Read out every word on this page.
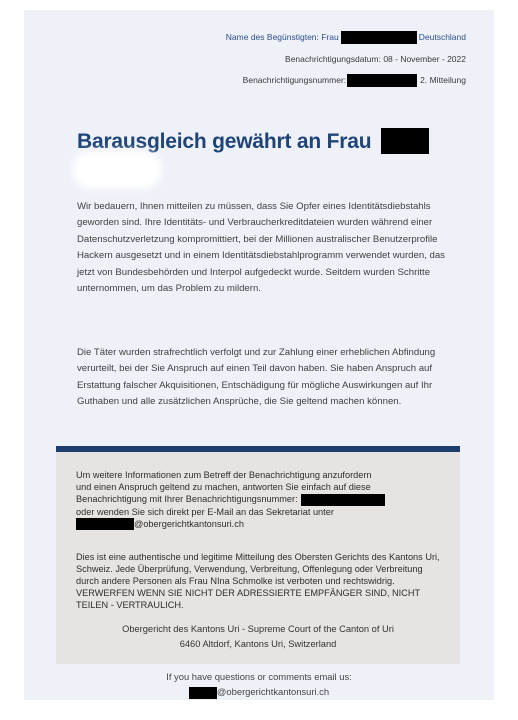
Name des Begünstigten: Frau	Deutschland
Benachrichtigungsdatum: 08 - November - 2022
Benachrichtigungsnummer:	2. Mitteilung
Barausgleich gewährt an Frau
Wir bedauern, Ihnen mitteilen zu müssen, dass Sie Opfer eines Identitätsdiebstahls geworden sind. Ihre Identitäts- und Verbraucherkreditdateien wurden während einer Datenschutzverletzung kompromittiert, bei der Millionen australischer Benutzerprofile Hackern ausgesetzt und in einem Identitätsdiebstahlprogramm verwendet wurden, das jetzt von Bundesbehörden und Interpol aufgedeckt wurde. Seitdem wurden Schritte unternommen, um das Problem zu mildern.
Die Täter wurden strafrechtlich verfolgt und zur Zahlung einer erheblichen Abfindung verurteilt, bei der Sie Anspruch auf einen Teil davon haben. Sie haben Anspruch auf Erstattung falscher Akquisitionen, Entschädigung für mögliche Auswirkungen auf Ihr Guthaben und alle zusätzlichen Ansprüche, die Sie geltend machen können.
Um weitere Informationen zum Betreff der Benachrichtigung anzufordern
und einen Anspruch geltend zu machen, antworten Sie einfach auf diese
Benachrichtigung mit Ihrer Benachrichtigungsnummer:
oder wenden Sie sich direkt per E-Mail an das Sekretariat unter
@obergerichtkantonsuri.ch
Dies ist eine authentische und legitime Mitteilung des Obersten Gerichts des Kantons Uri, Schweiz. Jede Überprüfung, Verwendung, Verbreitung, Offenlegung oder Verbreitung durch andere Personen als Frau NIna Schmolke ist verboten und rechtswidrig. VERWERFEN WENN SIE NICHT DER ADRESSIERTE EMPFÄNGER SIND, NICHT TEILEN - VERTRAULICH.
Obergericht des Kantons Uri - Supreme Court of the Canton of Uri
6460 Altdorf, Kantons Uri, Switzerland
If you have questions or comments email us:
@obergerichtkantonsuri.ch
